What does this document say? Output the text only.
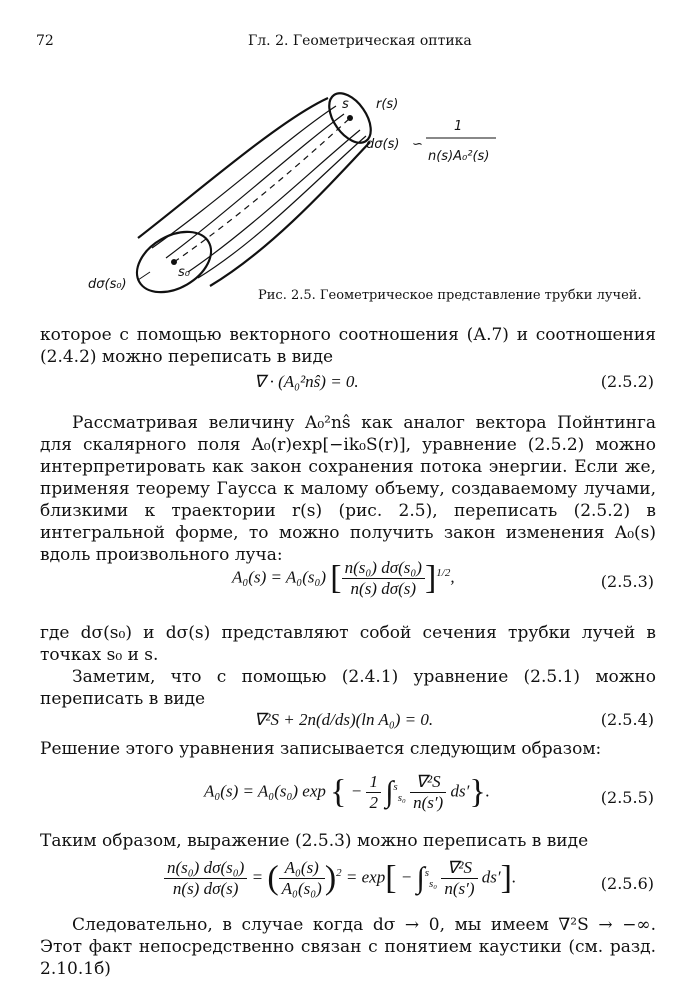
72	Гл. 2. Геометрическая оптика
s r(s)
dσ(s) ∽
1
n(s)A₀²(s)
s₀
dσ(s₀)
Рис. 2.5. Геометрическое представление трубки лучей.
которое с помощью векторного соотношения (А.7) и соотношения (2.4.2) можно переписать в виде
∇ · (A₀²nŝ) = 0.	(2.5.2)
Рассматривая величину A₀²nŝ как аналог вектора Пойнтинга для скалярного поля A₀(r)exp[−ik₀S(r)], уравнение (2.5.2) можно интерпретировать как закон сохранения потока энергии. Если же, применяя теорему Гаусса к малому объему, создаваемому лучами, близкими к траектории r(s) (рис. 2.5), переписать (2.5.2) в интегральной форме, то можно получить закон изменения A₀(s) вдоль произвольного луча:
A₀(s) = A₀(s₀) [ $\frac{\text{n(s₀) dσ(s₀)}}{n(s) d\sigma(s)} ]^{1/2}$,	(2.5.3)
где dσ(s₀) и dσ(s) представляют собой сечения трубки лучей в точках s₀ и s.
Заметим, что с помощью (2.4.1) уравнение (2.5.1) можно переписать в виде
∇²S + 2n(d/ds)(ln A₀) = 0.	(2.5.4)
Решение этого уравнения записывается следующим образом:
A₀(s) = A₀(s₀) exp { − $\frac{1}{2} \int^s_{s_0} \frac{\text{∇²S}}{n(s')} ds'$}.	(2.5.5)
Таким образом, выражение (2.5.3) можно переписать в виде
$\frac{\text{n(s₀) dσ(s₀)}}{n(s) d\sigma(s)}$ = ( $\frac{\text{A₀(s)}}{\text{A₀(s₀)}} )^2 = \exp[ - \int^s_{s_0} \frac{\text{∇²S}}{n(s')} ds']$.	(2.5.6)
Следовательно, в случае когда dσ → 0, мы имеем ∇²S → −∞. Этот факт непосредственно связан с понятием каустики (см. разд. 2.10.1б)
